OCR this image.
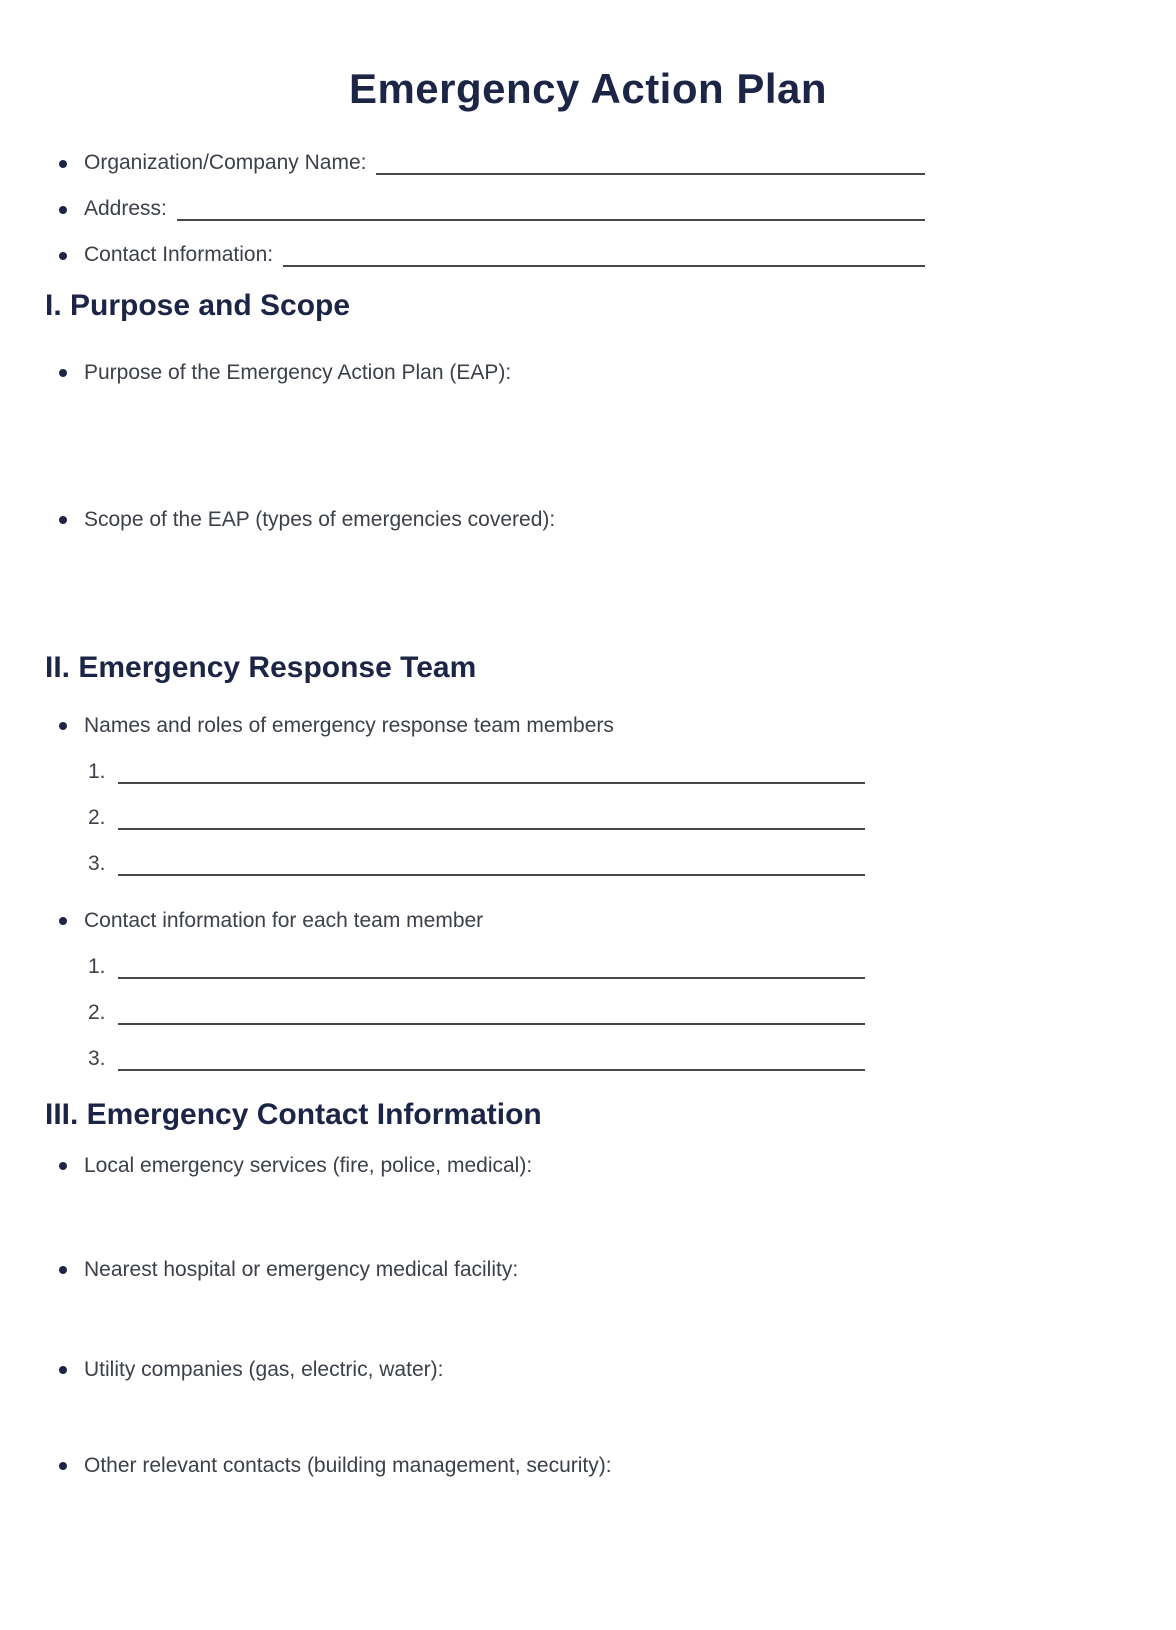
Emergency Action Plan
Organization/Company Name:
Address:
Contact Information:
I. Purpose and Scope
Purpose of the Emergency Action Plan (EAP):
Scope of the EAP (types of emergencies covered):
II. Emergency Response Team
Names and roles of emergency response team members
1.
2.
3.
Contact information for each team member
1.
2.
3.
III. Emergency Contact Information
Local emergency services (fire, police, medical):
Nearest hospital or emergency medical facility:
Utility companies (gas, electric, water):
Other relevant contacts (building management, security):
